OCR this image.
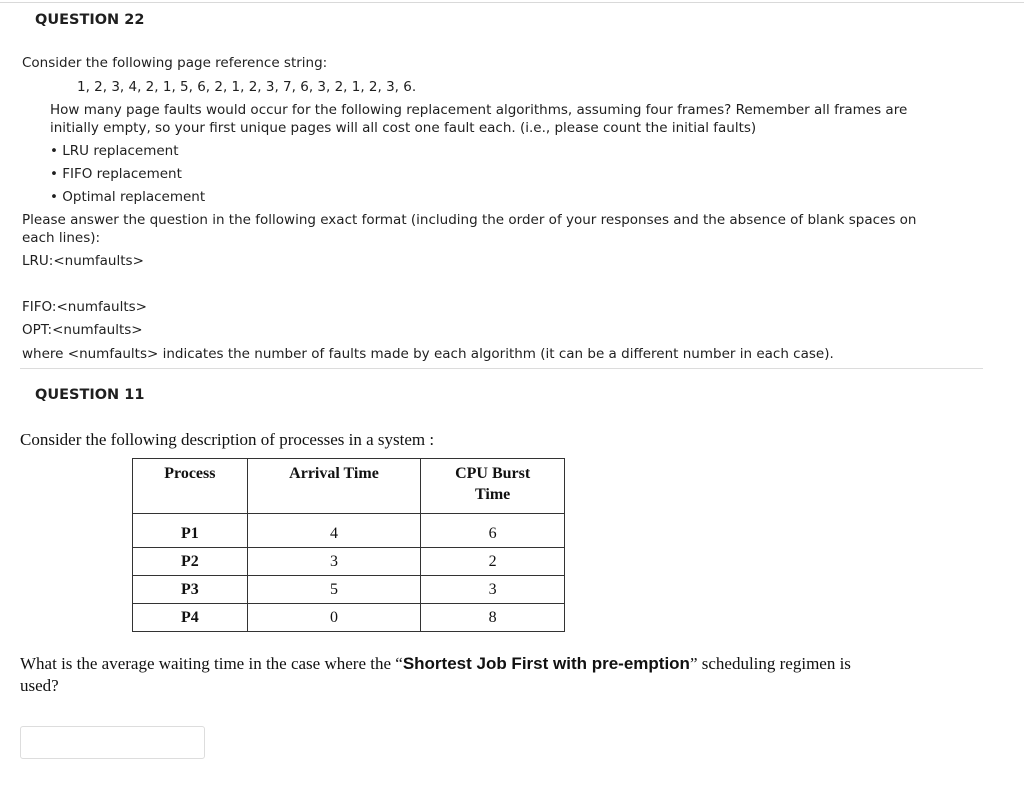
QUESTION 22
Consider the following page reference string:
1, 2, 3, 4, 2, 1, 5, 6, 2, 1, 2, 3, 7, 6, 3, 2, 1, 2, 3, 6.
How many page faults would occur for the following replacement algorithms, assuming four frames? Remember all frames are
initially empty, so your first unique pages will all cost one fault each. (i.e., please count the initial faults)
• LRU replacement
• FIFO replacement
• Optimal replacement
Please answer the question in the following exact format (including the order of your responses and the absence of blank spaces on
each lines):
LRU:<numfaults>
FIFO:<numfaults>
OPT:<numfaults>
where <numfaults> indicates the number of faults made by each algorithm (it can be a different number in each case).
QUESTION 11
Consider the following description of processes in a system :
Process	Arrival Time	CPU Burst Time
P1	4	6
P2	3	2
P3	5	3
P4	0	8
What is the average waiting time in the case where the “Shortest Job First with pre-emption” scheduling regimen is
used?
